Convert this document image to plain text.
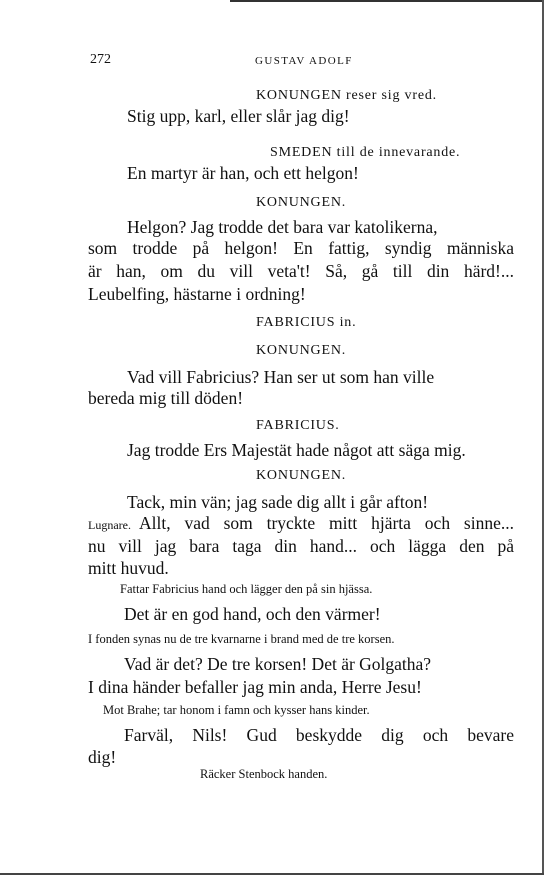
272	GUSTAV ADOLF
KONUNGEN reser sig vred.
Stig upp, karl, eller slår jag dig!
SMEDEN till de innevarande.
En martyr är han, och ett helgon!
KONUNGEN.
Helgon? Jag trodde det bara var katolikerna,
som trodde på helgon! En fattig, syndig människa
är han, om du vill veta't! Så, gå till din härd!...
Leubelfing, hästarne i ordning!
FABRICIUS in.
KONUNGEN.
Vad vill Fabricius? Han ser ut som han ville
bereda mig till döden!
FABRICIUS.
Jag trodde Ers Majestät hade något att säga mig.
KONUNGEN.
Tack, min vän; jag sade dig allt i går afton!
Lugnare. Allt, vad som tryckte mitt hjärta och sinne...
nu vill jag bara taga din hand... och lägga den på
mitt huvud.
Fattar Fabricius hand och lägger den på sin hjässa.
Det är en god hand, och den värmer!
I fonden synas nu de tre kvarnarne i brand med de tre korsen.
Vad är det? De tre korsen! Det är Golgatha?
I dina händer befaller jag min anda, Herre Jesu!
Mot Brahe; tar honom i famn och kysser hans kinder.
Farväl, Nils! Gud beskydde dig och bevare
dig!
Räcker Stenbock handen.
